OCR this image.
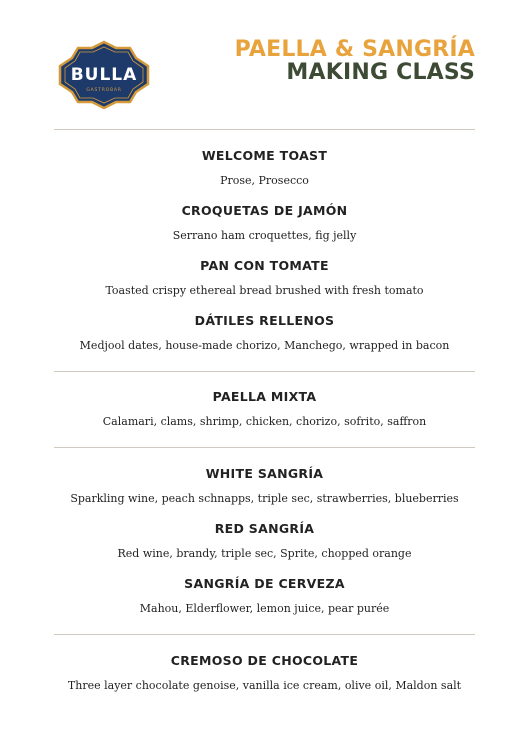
BULLA
GASTROBAR
PAELLA & SANGRÍA
MAKING CLASS
WELCOME TOAST
Prose, Prosecco
CROQUETAS DE JAMÓN
Serrano ham croquettes, fig jelly
PAN CON TOMATE
Toasted crispy ethereal bread brushed with fresh tomato
DÁTILES RELLENOS
Medjool dates, house-made chorizo, Manchego, wrapped in bacon
PAELLA MIXTA
Calamari, clams, shrimp, chicken, chorizo, sofrito, saffron
WHITE SANGRÍA
Sparkling wine, peach schnapps, triple sec, strawberries, blueberries
RED SANGRÍA
Red wine, brandy, triple sec, Sprite, chopped orange
SANGRÍA DE CERVEZA
Mahou, Elderflower, lemon juice, pear purée
CREMOSO DE CHOCOLATE
Three layer chocolate genoise, vanilla ice cream, olive oil, Maldon salt
